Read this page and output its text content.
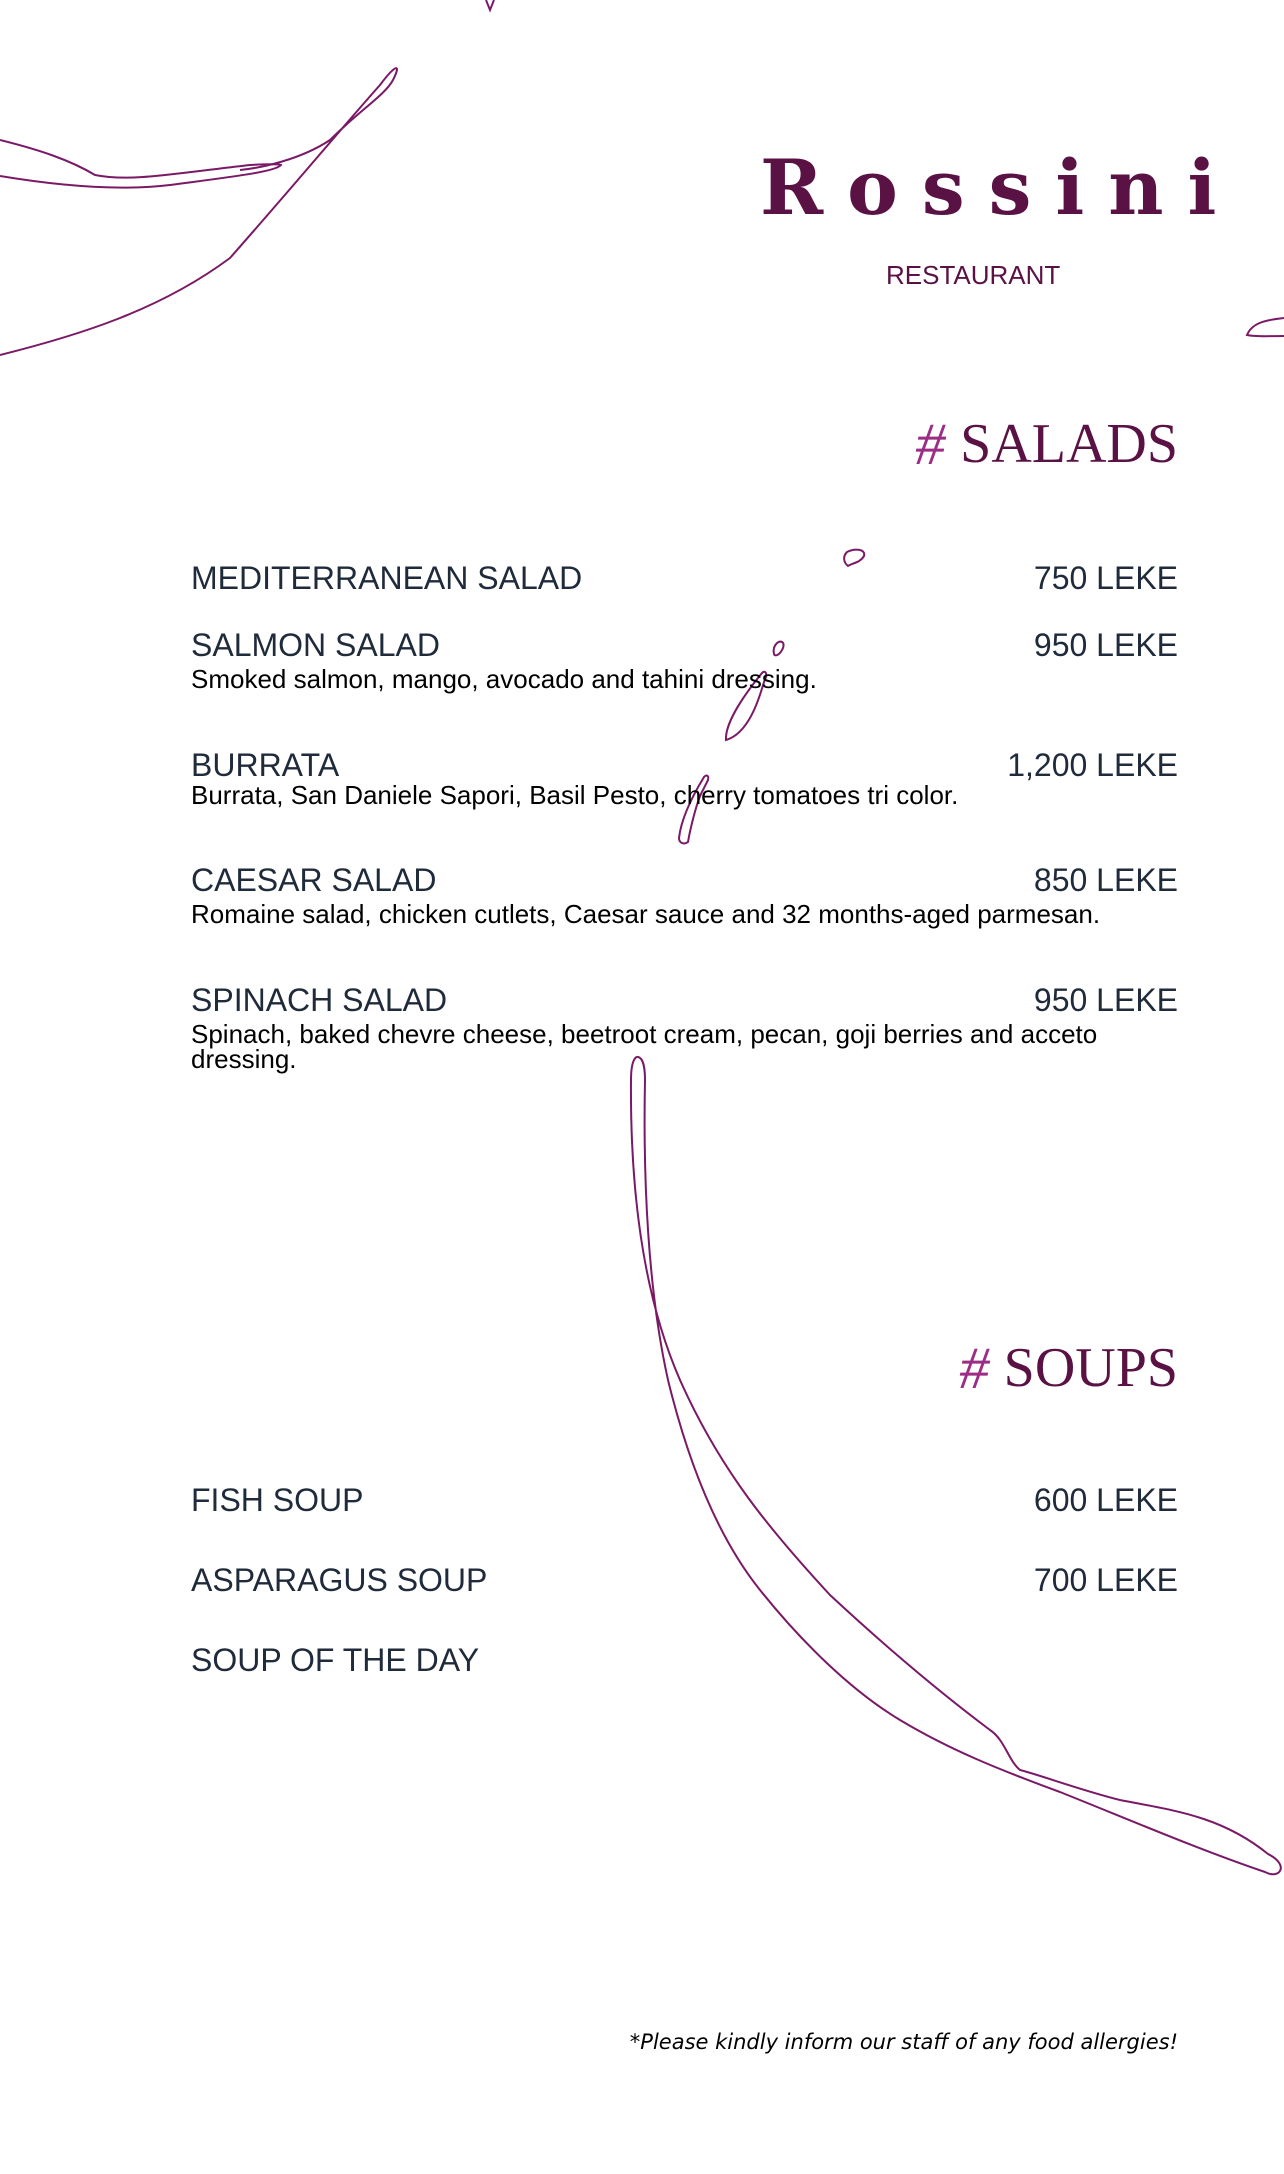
Rossini
RESTAURANT
# SALADS
MEDITERRANEAN SALAD	750 LEKE
SALMON SALAD	950 LEKE
Smoked salmon, mango, avocado and tahini dressing.
BURRATA	1,200 LEKE
Burrata, San Daniele Sapori, Basil Pesto, cherry tomatoes tri color.
CAESAR SALAD	850 LEKE
Romaine salad, chicken cutlets, Caesar sauce and 32 months-aged parmesan.
SPINACH SALAD	950 LEKE
Spinach, baked chevre cheese, beetroot cream, pecan, goji berries and acceto dressing.
# SOUPS
FISH SOUP	600 LEKE
ASPARAGUS SOUP	700 LEKE
SOUP OF THE DAY
*Please kindly inform our staff of any food allergies!
